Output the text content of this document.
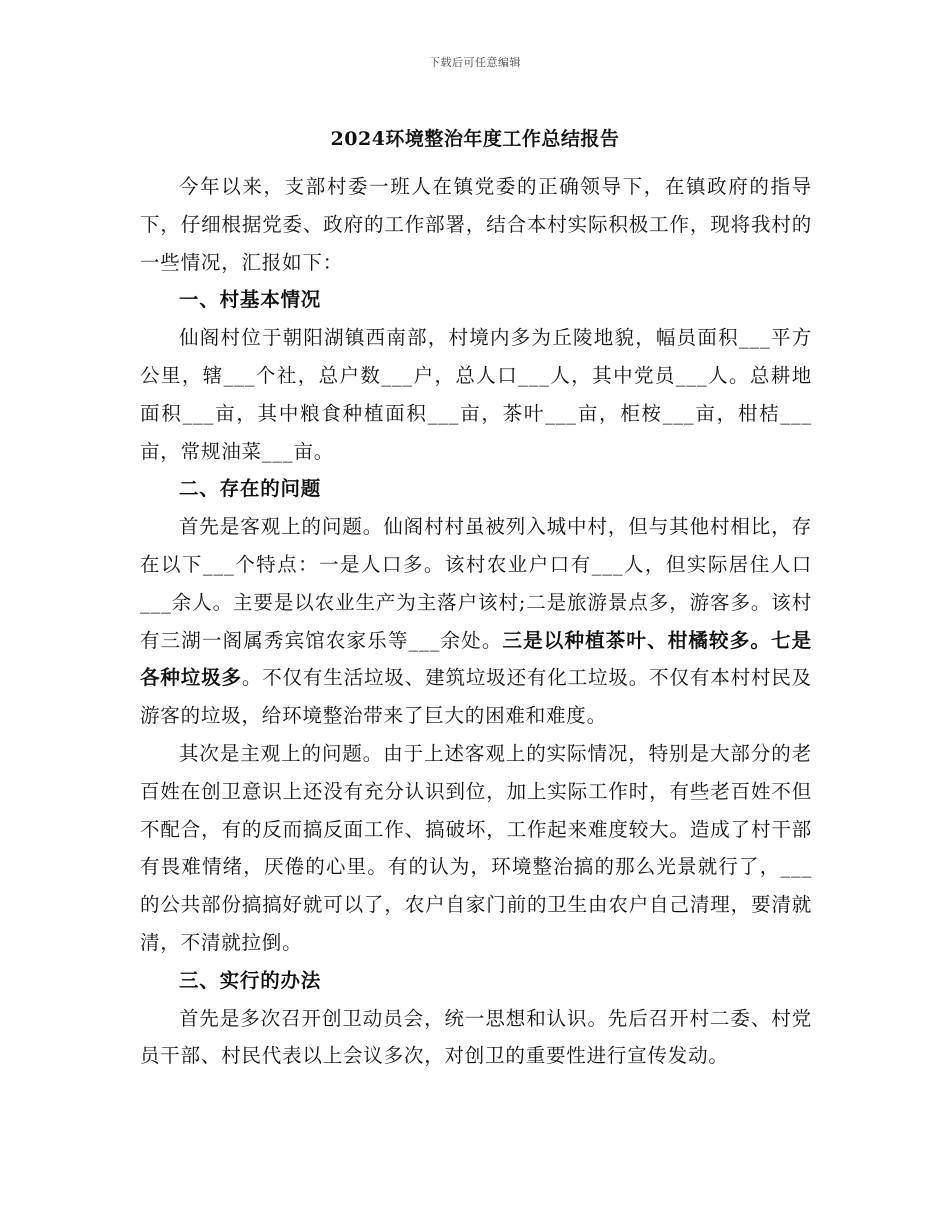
下载后可任意编辑
2024环境整治年度工作总结报告

今年以来，支部村委一班人在镇党委的正确领导下，在镇政府的指导下，仔细根据党委、政府的工作部署，结合本村实际积极工作，现将我村的一些情况，汇报如下：

一、村基本情况

仙阁村位于朝阳湖镇西南部，村境内多为丘陵地貌，幅员面积___平方公里，辖___个社，总户数___户，总人口___人，其中党员___人。总耕地面积___亩，其中粮食种植面积___亩，茶叶___亩，柜桉___亩，柑桔___亩，常规油菜___亩。

二、存在的问题

首先是客观上的问题。仙阁村村虽被列入城中村，但与其他村相比，存在以下___个特点：一是人口多。该村农业户口有___人，但实际居住人口___余人。主要是以农业生产为主落户该村;二是旅游景点多，游客多。该村有三湖一阁属秀宾馆农家乐等___余处。三是以种植茶叶、柑橘较多。七是各种垃圾多。不仅有生活垃圾、建筑垃圾还有化工垃圾。不仅有本村村民及游客的垃圾，给环境整治带来了巨大的困难和难度。

其次是主观上的问题。由于上述客观上的实际情况，特别是大部分的老百姓在创卫意识上还没有充分认识到位，加上实际工作时，有些老百姓不但不配合，有的反而搞反面工作、搞破坏，工作起来难度较大。造成了村干部有畏难情绪，厌倦的心里。有的认为，环境整治搞的那么光景就行了，___的公共部份搞搞好就可以了，农户自家门前的卫生由农户自己清理，要清就清，不清就拉倒。

三、实行的办法

首先是多次召开创卫动员会，统一思想和认识。先后召开村二委、村党员干部、村民代表以上会议多次，对创卫的重要性进行宣传发动。
